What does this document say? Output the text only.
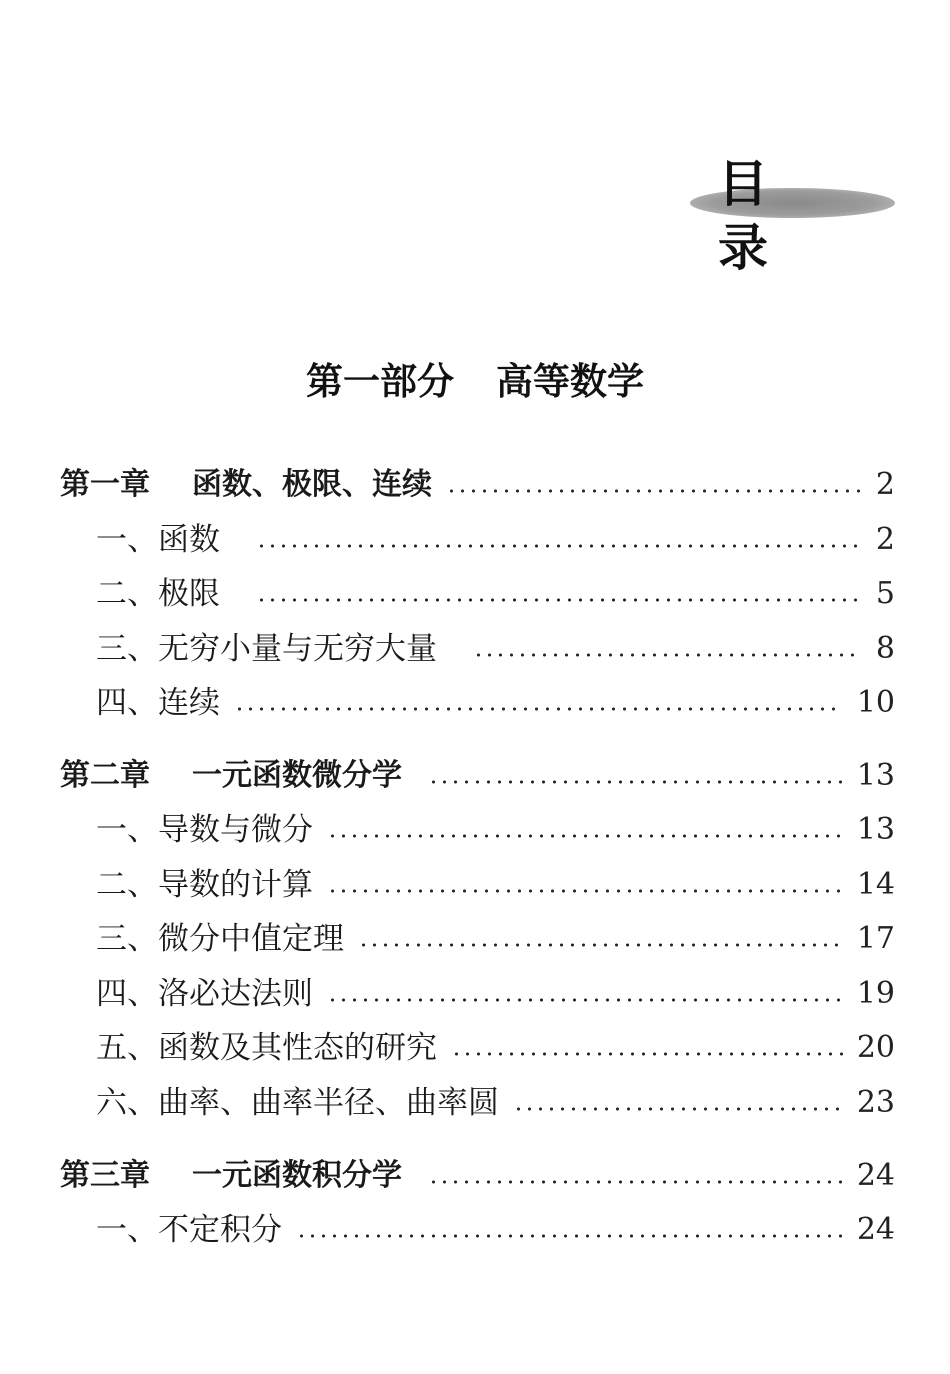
目 录
第一部分 高等数学
第一章 函数、极限、连续	2
一、函数	2
二、极限	5
三、无穷小量与无穷大量	8
四、连续	10
第二章 一元函数微分学	13
一、导数与微分	13
二、导数的计算	14
三、微分中值定理	17
四、洛必达法则	19
五、函数及其性态的研究	20
六、曲率、曲率半径、曲率圆	23
第三章 一元函数积分学	24
一、不定积分	24
